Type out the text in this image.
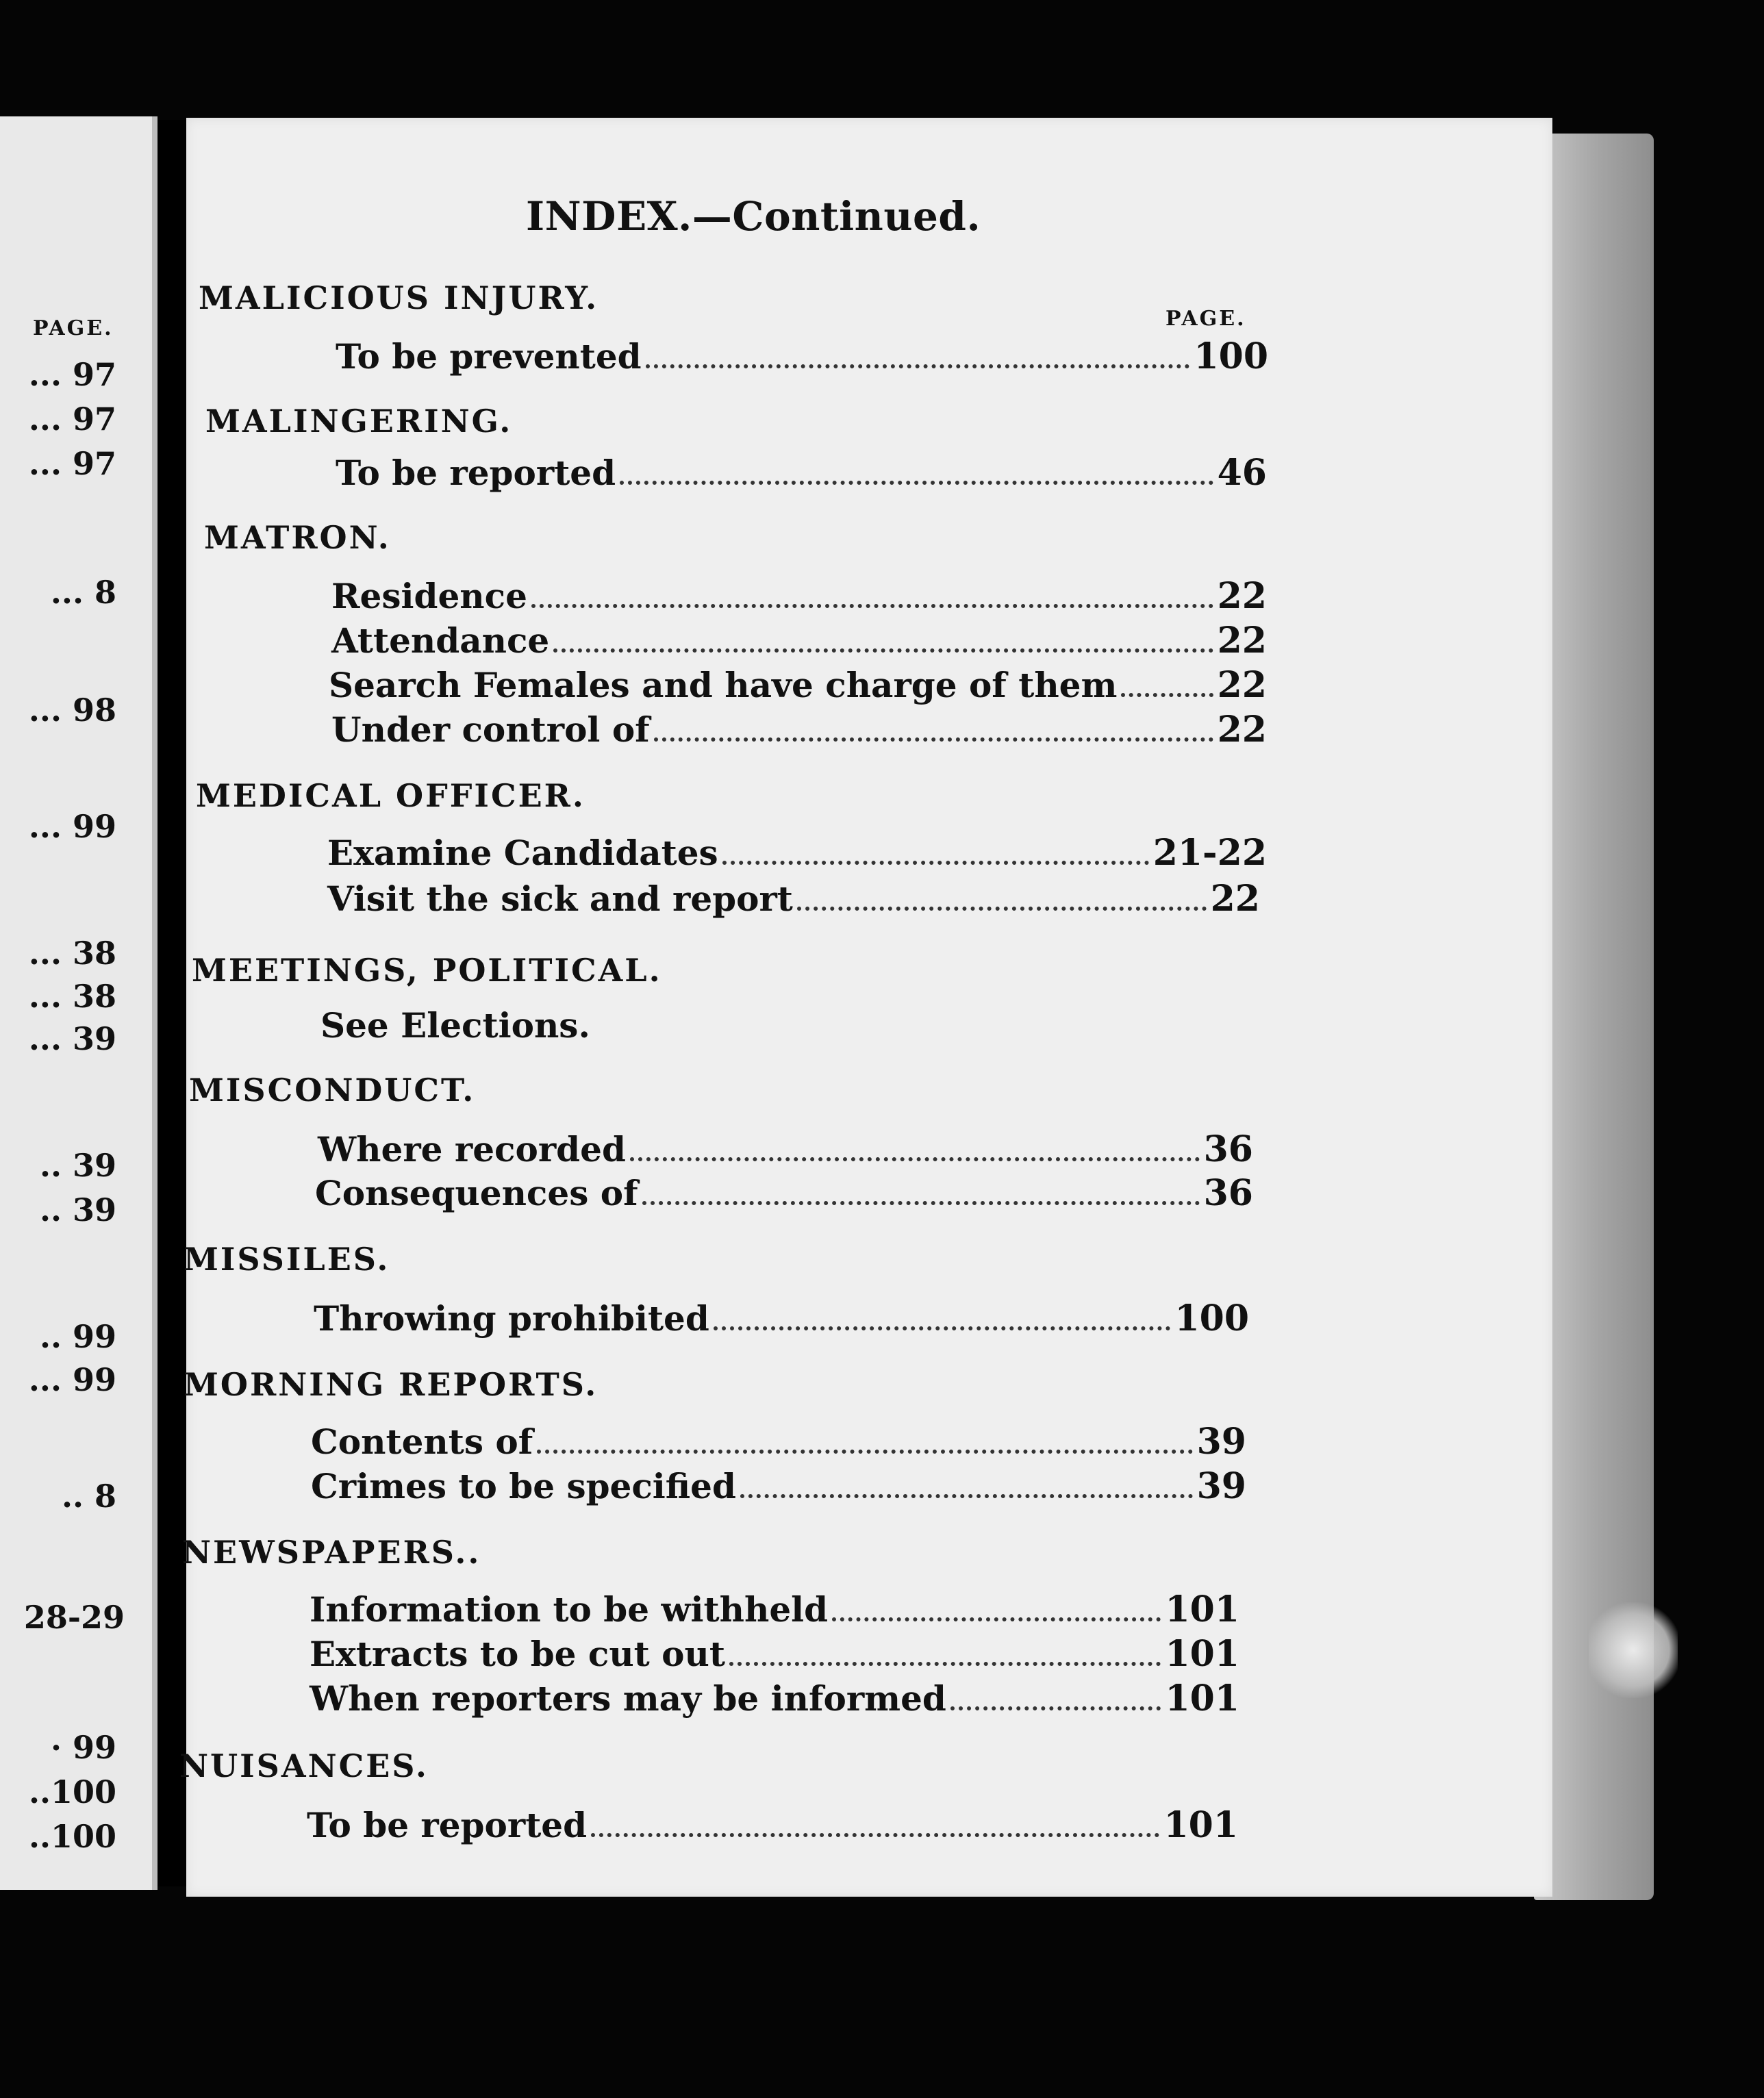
PAGE.
... 97
... 97
... 97
... 8
... 98
... 99
... 38
... 38
... 39
.. 39
.. 39
.. 99
... 99
.. 8
28-29
· 99
..100
..100
INDEX.—Continued.
PAGE.
MALICIOUS INJURY.
To be prevented	100
MALINGERING.
To be reported	46
MATRON.
Residence	22
Attendance	22
Search Females and have charge of them	22
Under control of	22
MEDICAL OFFICER.
Examine Candidates	21-22
Visit the sick and report	22
MEETINGS, POLITICAL.
See Elections.
MISCONDUCT.
Where recorded	36
Consequences of	36
MISSILES.
Throwing prohibited	100
MORNING REPORTS.
Contents of	39
Crimes to be specified	39
NEWSPAPERS..
Information to be withheld	101
Extracts to be cut out	101
When reporters may be informed	101
NUISANCES.
To be reported	101
